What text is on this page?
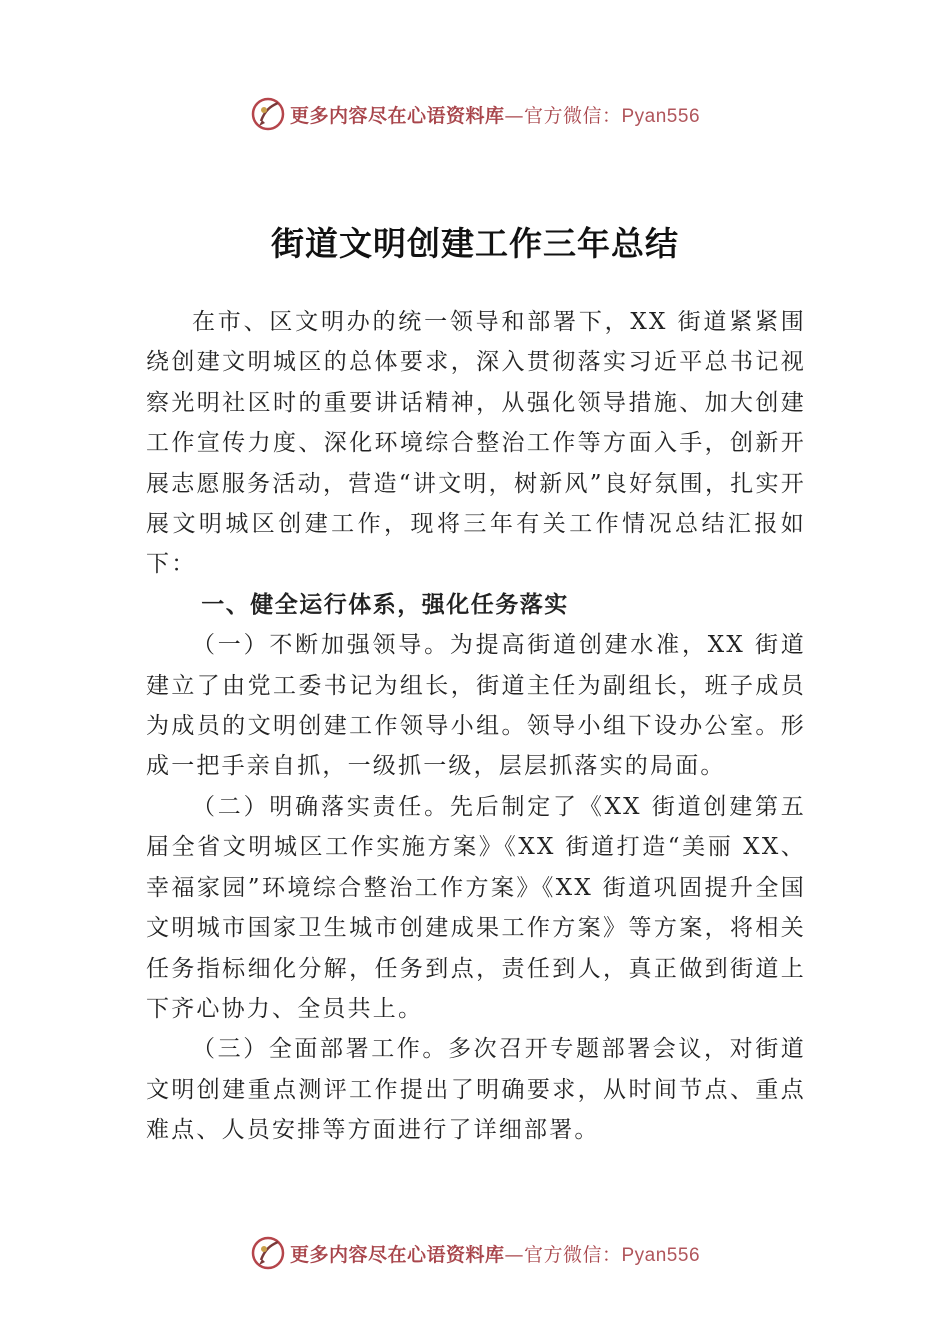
更多内容尽在心语资料库—官方微信：Pyan556
街道文明创建工作三年总结

在市、区文明办的统一领导和部署下，XX 街道紧紧围绕创建文明城区的总体要求，深入贯彻落实习近平总书记视察光明社区时的重要讲话精神，从强化领导措施、加大创建工作宣传力度、深化环境综合整治工作等方面入手，创新开展志愿服务活动，营造“讲文明，树新风”良好氛围，扎实开展文明城区创建工作，现将三年有关工作情况总结汇报如下：

一、健全运行体系，强化任务落实

（一）不断加强领导。为提高街道创建水准，XX 街道建立了由党工委书记为组长，街道主任为副组长，班子成员为成员的文明创建工作领导小组。领导小组下设办公室。形成一把手亲自抓，一级抓一级，层层抓落实的局面。

（二）明确落实责任。先后制定了《XX 街道创建第五届全省文明城区工作实施方案》《XX 街道打造“美丽 XX、幸福家园”环境综合整治工作方案》《XX 街道巩固提升全国文明城市国家卫生城市创建成果工作方案》等方案，将相关任务指标细化分解，任务到点，责任到人，真正做到街道上下齐心协力、全员共上。

（三）全面部署工作。多次召开专题部署会议，对街道文明创建重点测评工作提出了明确要求，从时间节点、重点难点、人员安排等方面进行了详细部署。

更多内容尽在心语资料库—官方微信：Pyan556
